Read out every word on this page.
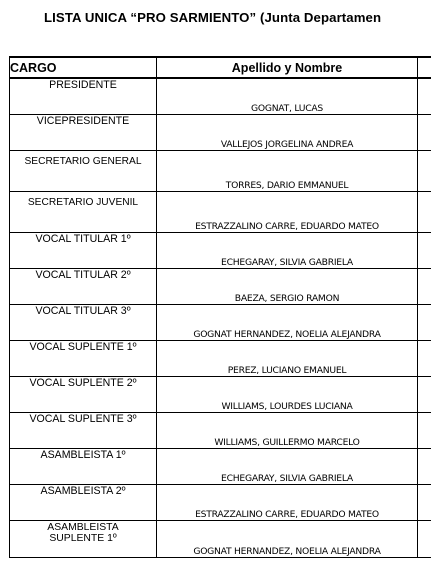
LISTA UNICA “PRO SARMIENTO” (Junta Departamen
CARGO	Apellido y Nombre	
PRESIDENTE	GOGNAT, LUCAS	
VICEPRESIDENTE	VALLEJOS JORGELINA ANDREA	
SECRETARIO GENERAL	TORRES, DARIO EMMANUEL	
SECRETARIO JUVENIL	ESTRAZZALINO CARRE, EDUARDO MATEO	
VOCAL TITULAR 1º	ECHEGARAY, SILVIA GABRIELA	
VOCAL TITULAR 2º	BAEZA, SERGIO RAMON	
VOCAL TITULAR 3º	GOGNAT HERNANDEZ, NOELIA ALEJANDRA	
VOCAL SUPLENTE 1º	PEREZ, LUCIANO EMANUEL	
VOCAL SUPLENTE 2º	WILLIAMS, LOURDES LUCIANA	
VOCAL SUPLENTE 3º	WILLIAMS, GUILLERMO MARCELO	
ASAMBLEISTA 1º	ECHEGARAY, SILVIA GABRIELA	
ASAMBLEISTA 2º	ESTRAZZALINO CARRE, EDUARDO MATEO	

ASAMBLEISTA
SUPLENTE 1º	GOGNAT HERNANDEZ, NOELIA ALEJANDRA	
